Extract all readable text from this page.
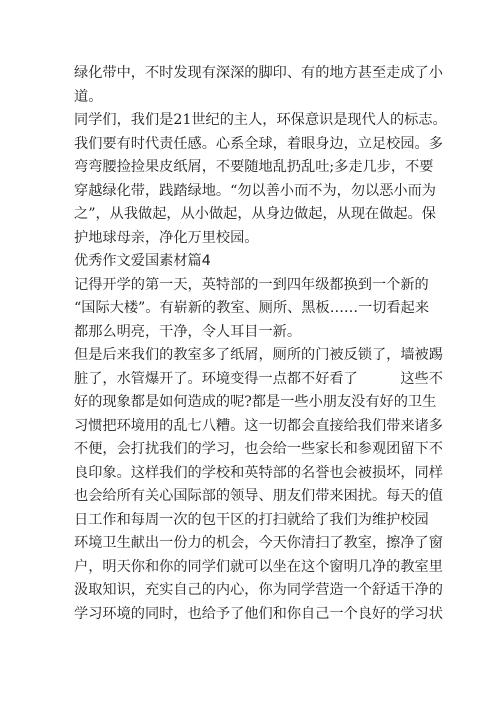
绿化带中，不时发现有深深的脚印、有的地方甚至走成了小
道。
同学们，我们是21世纪的主人，环保意识是现代人的标志。
我们要有时代责任感。心系全球，着眼身边，立足校园。多
弯弯腰捡捡果皮纸屑，不要随地乱扔乱吐;多走几步，不要
穿越绿化带，践踏绿地。“勿以善小而不为，勿以恶小而为
之”，从我做起，从小做起，从身边做起，从现在做起。保
护地球母亲，净化万里校园。
优秀作文爱国素材篇4
记得开学的第一天，英特部的一到四年级都换到一个新的
“国际大楼”。有崭新的教室、厕所、黑板……一切看起来
都那么明亮，干净，令人耳目一新。
但是后来我们的教室多了纸屑，厕所的门被反锁了，墙被踢
脏了，水管爆开了。环境变得一点都不好看了　　　这些不
好的现象都是如何造成的呢?都是一些小朋友没有好的卫生
习惯把环境用的乱七八糟。这一切都会直接给我们带来诸多
不便，会打扰我们的学习，也会给一些家长和参观团留下不
良印象。这样我们的学校和英特部的名誉也会被损坏，同样
也会给所有关心国际部的领导、朋友们带来困扰。每天的值
日工作和每周一次的包干区的打扫就给了我们为维护校园
环境卫生献出一份力的机会，今天你清扫了教室，擦净了窗
户，明天你和你的同学们就可以坐在这个窗明几净的教室里
汲取知识，充实自己的内心，你为同学营造一个舒适干净的
学习环境的同时，也给予了他们和你自己一个良好的学习状
